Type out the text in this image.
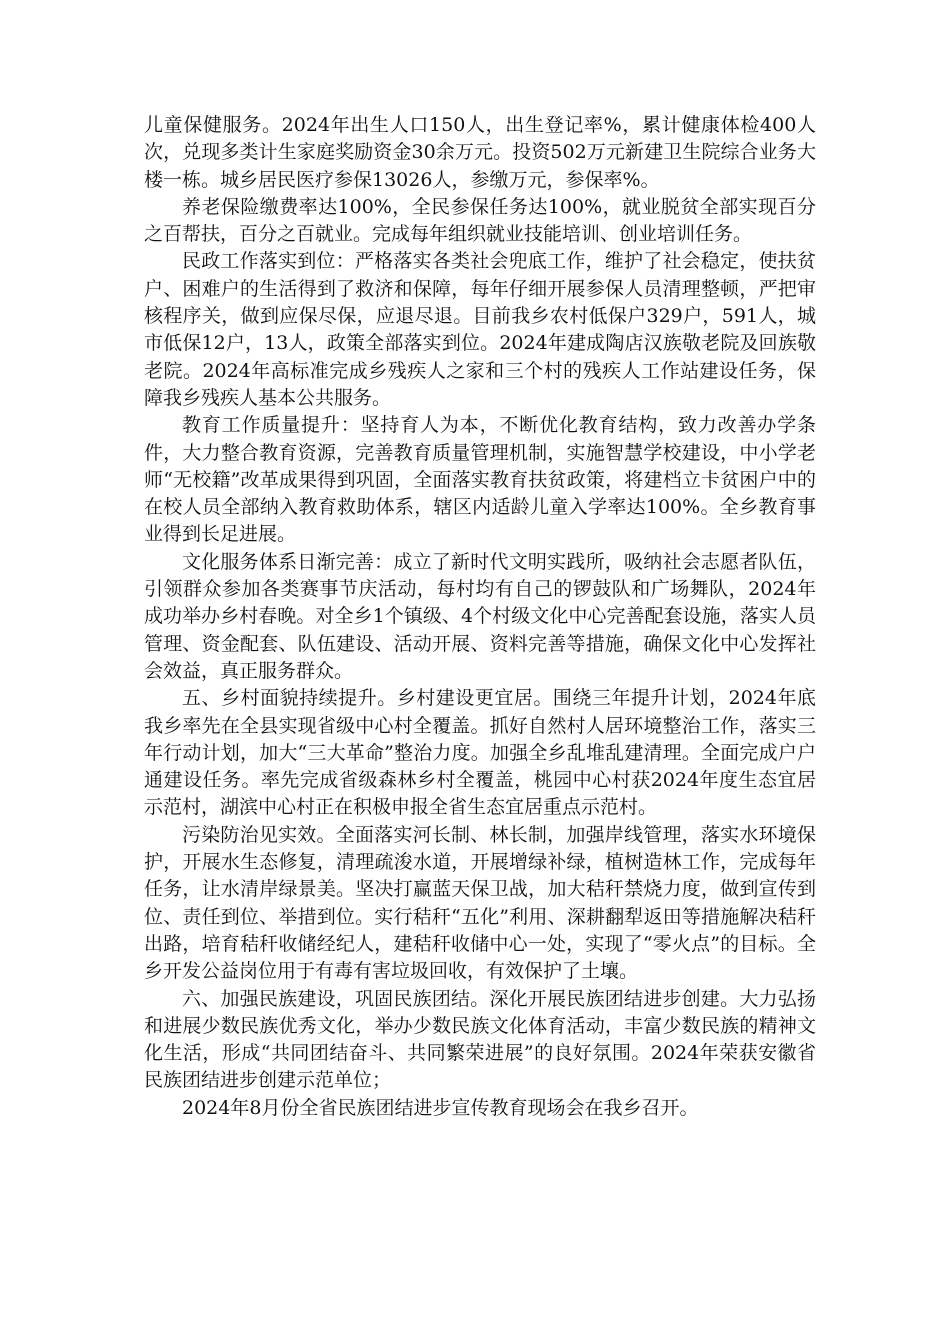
儿童保健服务。2024年出生人口150人，出生登记率%，累计健康体检400人次，兑现多类计生家庭奖励资金30余万元。投资502万元新建卫生院综合业务大楼一栋。城乡居民医疗参保13026人，参缴万元，参保率%。

养老保险缴费率达100%，全民参保任务达100%，就业脱贫全部实现百分之百帮扶，百分之百就业。完成每年组织就业技能培训、创业培训任务。

民政工作落实到位：严格落实各类社会兜底工作，维护了社会稳定，使扶贫户、困难户的生活得到了救济和保障，每年仔细开展参保人员清理整顿，严把审核程序关，做到应保尽保，应退尽退。目前我乡农村低保户329户，591人，城市低保12户，13人，政策全部落实到位。2024年建成陶店汉族敬老院及回族敬老院。2024年高标准完成乡残疾人之家和三个村的残疾人工作站建设任务，保障我乡残疾人基本公共服务。

教育工作质量提升：坚持育人为本，不断优化教育结构，致力改善办学条件，大力整合教育资源，完善教育质量管理机制，实施智慧学校建设，中小学老师“无校籍”改革成果得到巩固，全面落实教育扶贫政策，将建档立卡贫困户中的在校人员全部纳入教育救助体系，辖区内适龄儿童入学率达100%。全乡教育事业得到长足进展。

文化服务体系日渐完善：成立了新时代文明实践所，吸纳社会志愿者队伍，引领群众参加各类赛事节庆活动，每村均有自己的锣鼓队和广场舞队，2024年成功举办乡村春晚。对全乡1个镇级、4个村级文化中心完善配套设施，落实人员管理、资金配套、队伍建设、活动开展、资料完善等措施，确保文化中心发挥社会效益，真正服务群众。

五、乡村面貌持续提升。乡村建设更宜居。围绕三年提升计划，2024年底我乡率先在全县实现省级中心村全覆盖。抓好自然村人居环境整治工作，落实三年行动计划，加大“三大革命”整治力度。加强全乡乱堆乱建清理。全面完成户户通建设任务。率先完成省级森林乡村全覆盖，桃园中心村获2024年度生态宜居示范村，湖滨中心村正在积极申报全省生态宜居重点示范村。

污染防治见实效。全面落实河长制、林长制，加强岸线管理，落实水环境保护，开展水生态修复，清理疏浚水道，开展增绿补绿，植树造林工作，完成每年任务，让水清岸绿景美。坚决打赢蓝天保卫战，加大秸秆禁烧力度，做到宣传到位、责任到位、举措到位。实行秸秆“五化”利用、深耕翻犁返田等措施解决秸秆出路，培育秸秆收储经纪人，建秸秆收储中心一处，实现了“零火点”的目标。全乡开发公益岗位用于有毒有害垃圾回收，有效保护了土壤。

六、加强民族建设，巩固民族团结。深化开展民族团结进步创建。大力弘扬和进展少数民族优秀文化，举办少数民族文化体育活动，丰富少数民族的精神文化生活，形成“共同团结奋斗、共同繁荣进展”的良好氛围。2024年荣获安徽省民族团结进步创建示范单位；

2024年8月份全省民族团结进步宣传教育现场会在我乡召开。
